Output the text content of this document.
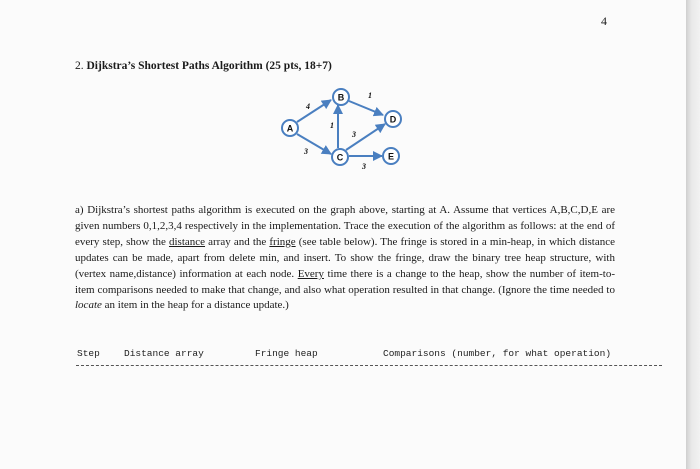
4
2. Dijkstra’s Shortest Paths Algorithm (25 pts, 18+7)
4
3
1
1
3
3
A
B
C
D
E
a) Dijkstra’s shortest paths algorithm is executed on the graph above, starting at A. Assume that vertices A,B,C,D,E are given numbers 0,1,2,3,4 respectively in the implementation. Trace the execution of the algorithm as follows: at the end of every step, show the distance array and the fringe (see table below). The fringe is stored in a min-heap, in which distance updates can be made, apart from delete min, and insert. To show the fringe, draw the binary tree heap structure, with (vertex name,distance) information at each node. Every time there is a change to the heap, show the number of item-to-item comparisons needed to make that change, and also what operation resulted in that change. (Ignore the time needed to locate an item in the heap for a distance update.)
Step	Distance array	Fringe heap	Comparisons (number, for what operation)
